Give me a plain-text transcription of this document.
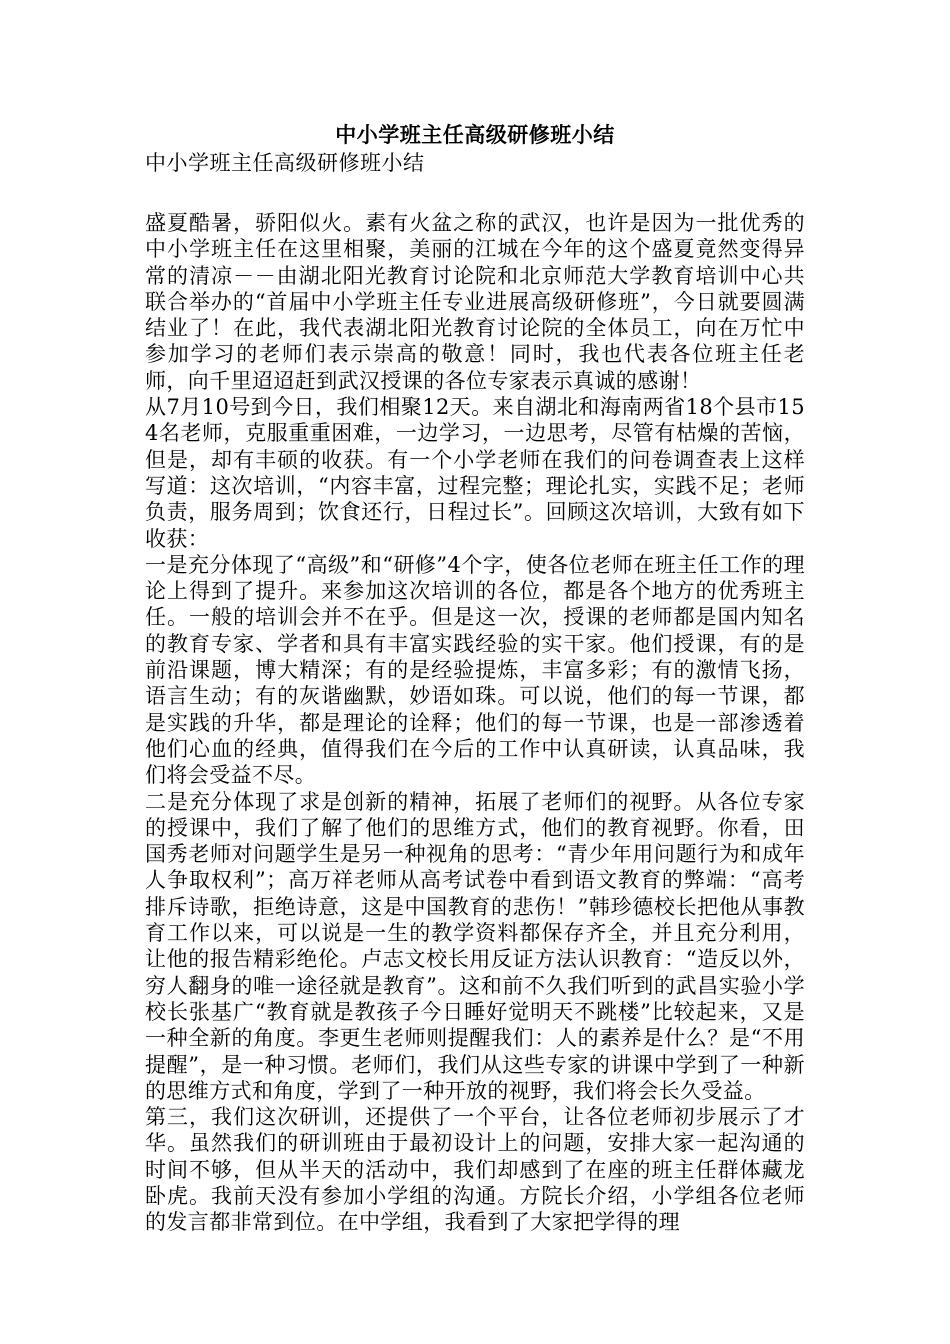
中小学班主任高级研修班小结

中小学班主任高级研修班小结

盛夏酷暑，骄阳似火。素有火盆之称的武汉，也许是因为一批优秀的中小学班主任在这里相聚，美丽的江城在今年的这个盛夏竟然变得异常的清凉－－由湖北阳光教育讨论院和北京师范大学教育培训中心共联合举办的“首届中小学班主任专业进展高级研修班”，今日就要圆满结业了！在此，我代表湖北阳光教育讨论院的全体员工，向在万忙中参加学习的老师们表示崇高的敬意！同时，我也代表各位班主任老师，向千里迢迢赶到武汉授课的各位专家表示真诚的感谢！

从7月10号到今日，我们相聚12天。来自湖北和海南两省18个县市154名老师，克服重重困难，一边学习，一边思考，尽管有枯燥的苦恼，但是，却有丰硕的收获。有一个小学老师在我们的问卷调查表上这样写道：这次培训，“内容丰富，过程完整；理论扎实，实践不足；老师负责，服务周到；饮食还行，日程过长”。回顾这次培训，大致有如下收获：

一是充分体现了“高级”和“研修”4个字，使各位老师在班主任工作的理论上得到了提升。来参加这次培训的各位，都是各个地方的优秀班主任。一般的培训会并不在乎。但是这一次，授课的老师都是国内知名的教育专家、学者和具有丰富实践经验的实干家。他们授课，有的是前沿课题，博大精深；有的是经验提炼，丰富多彩；有的激情飞扬，语言生动；有的灰谐幽默，妙语如珠。可以说，他们的每一节课，都是实践的升华，都是理论的诠释；他们的每一节课，也是一部渗透着他们心血的经典，值得我们在今后的工作中认真研读，认真品味，我们将会受益不尽。

二是充分体现了求是创新的精神，拓展了老师们的视野。从各位专家的授课中，我们了解了他们的思维方式，他们的教育视野。你看，田国秀老师对问题学生是另一种视角的思考：“青少年用问题行为和成年人争取权利”；高万祥老师从高考试卷中看到语文教育的弊端：“高考排斥诗歌，拒绝诗意，这是中国教育的悲伤！”韩珍德校长把他从事教育工作以来，可以说是一生的教学资料都保存齐全，并且充分利用，让他的报告精彩绝伦。卢志文校长用反证方法认识教育：“造反以外，穷人翻身的唯一途径就是教育”。这和前不久我们听到的武昌实验小学校长张基广“教育就是教孩子今日睡好觉明天不跳楼”比较起来，又是一种全新的角度。李更生老师则提醒我们：人的素养是什么？是“不用提醒”，是一种习惯。老师们，我们从这些专家的讲课中学到了一种新的思维方式和角度，学到了一种开放的视野，我们将会长久受益。

第三，我们这次研训，还提供了一个平台，让各位老师初步展示了才华。虽然我们的研训班由于最初设计上的问题，安排大家一起沟通的时间不够，但从半天的活动中，我们却感到了在座的班主任群体藏龙卧虎。我前天没有参加小学组的沟通。方院长介绍，小学组各位老师的发言都非常到位。在中学组，我看到了大家把学得的理
